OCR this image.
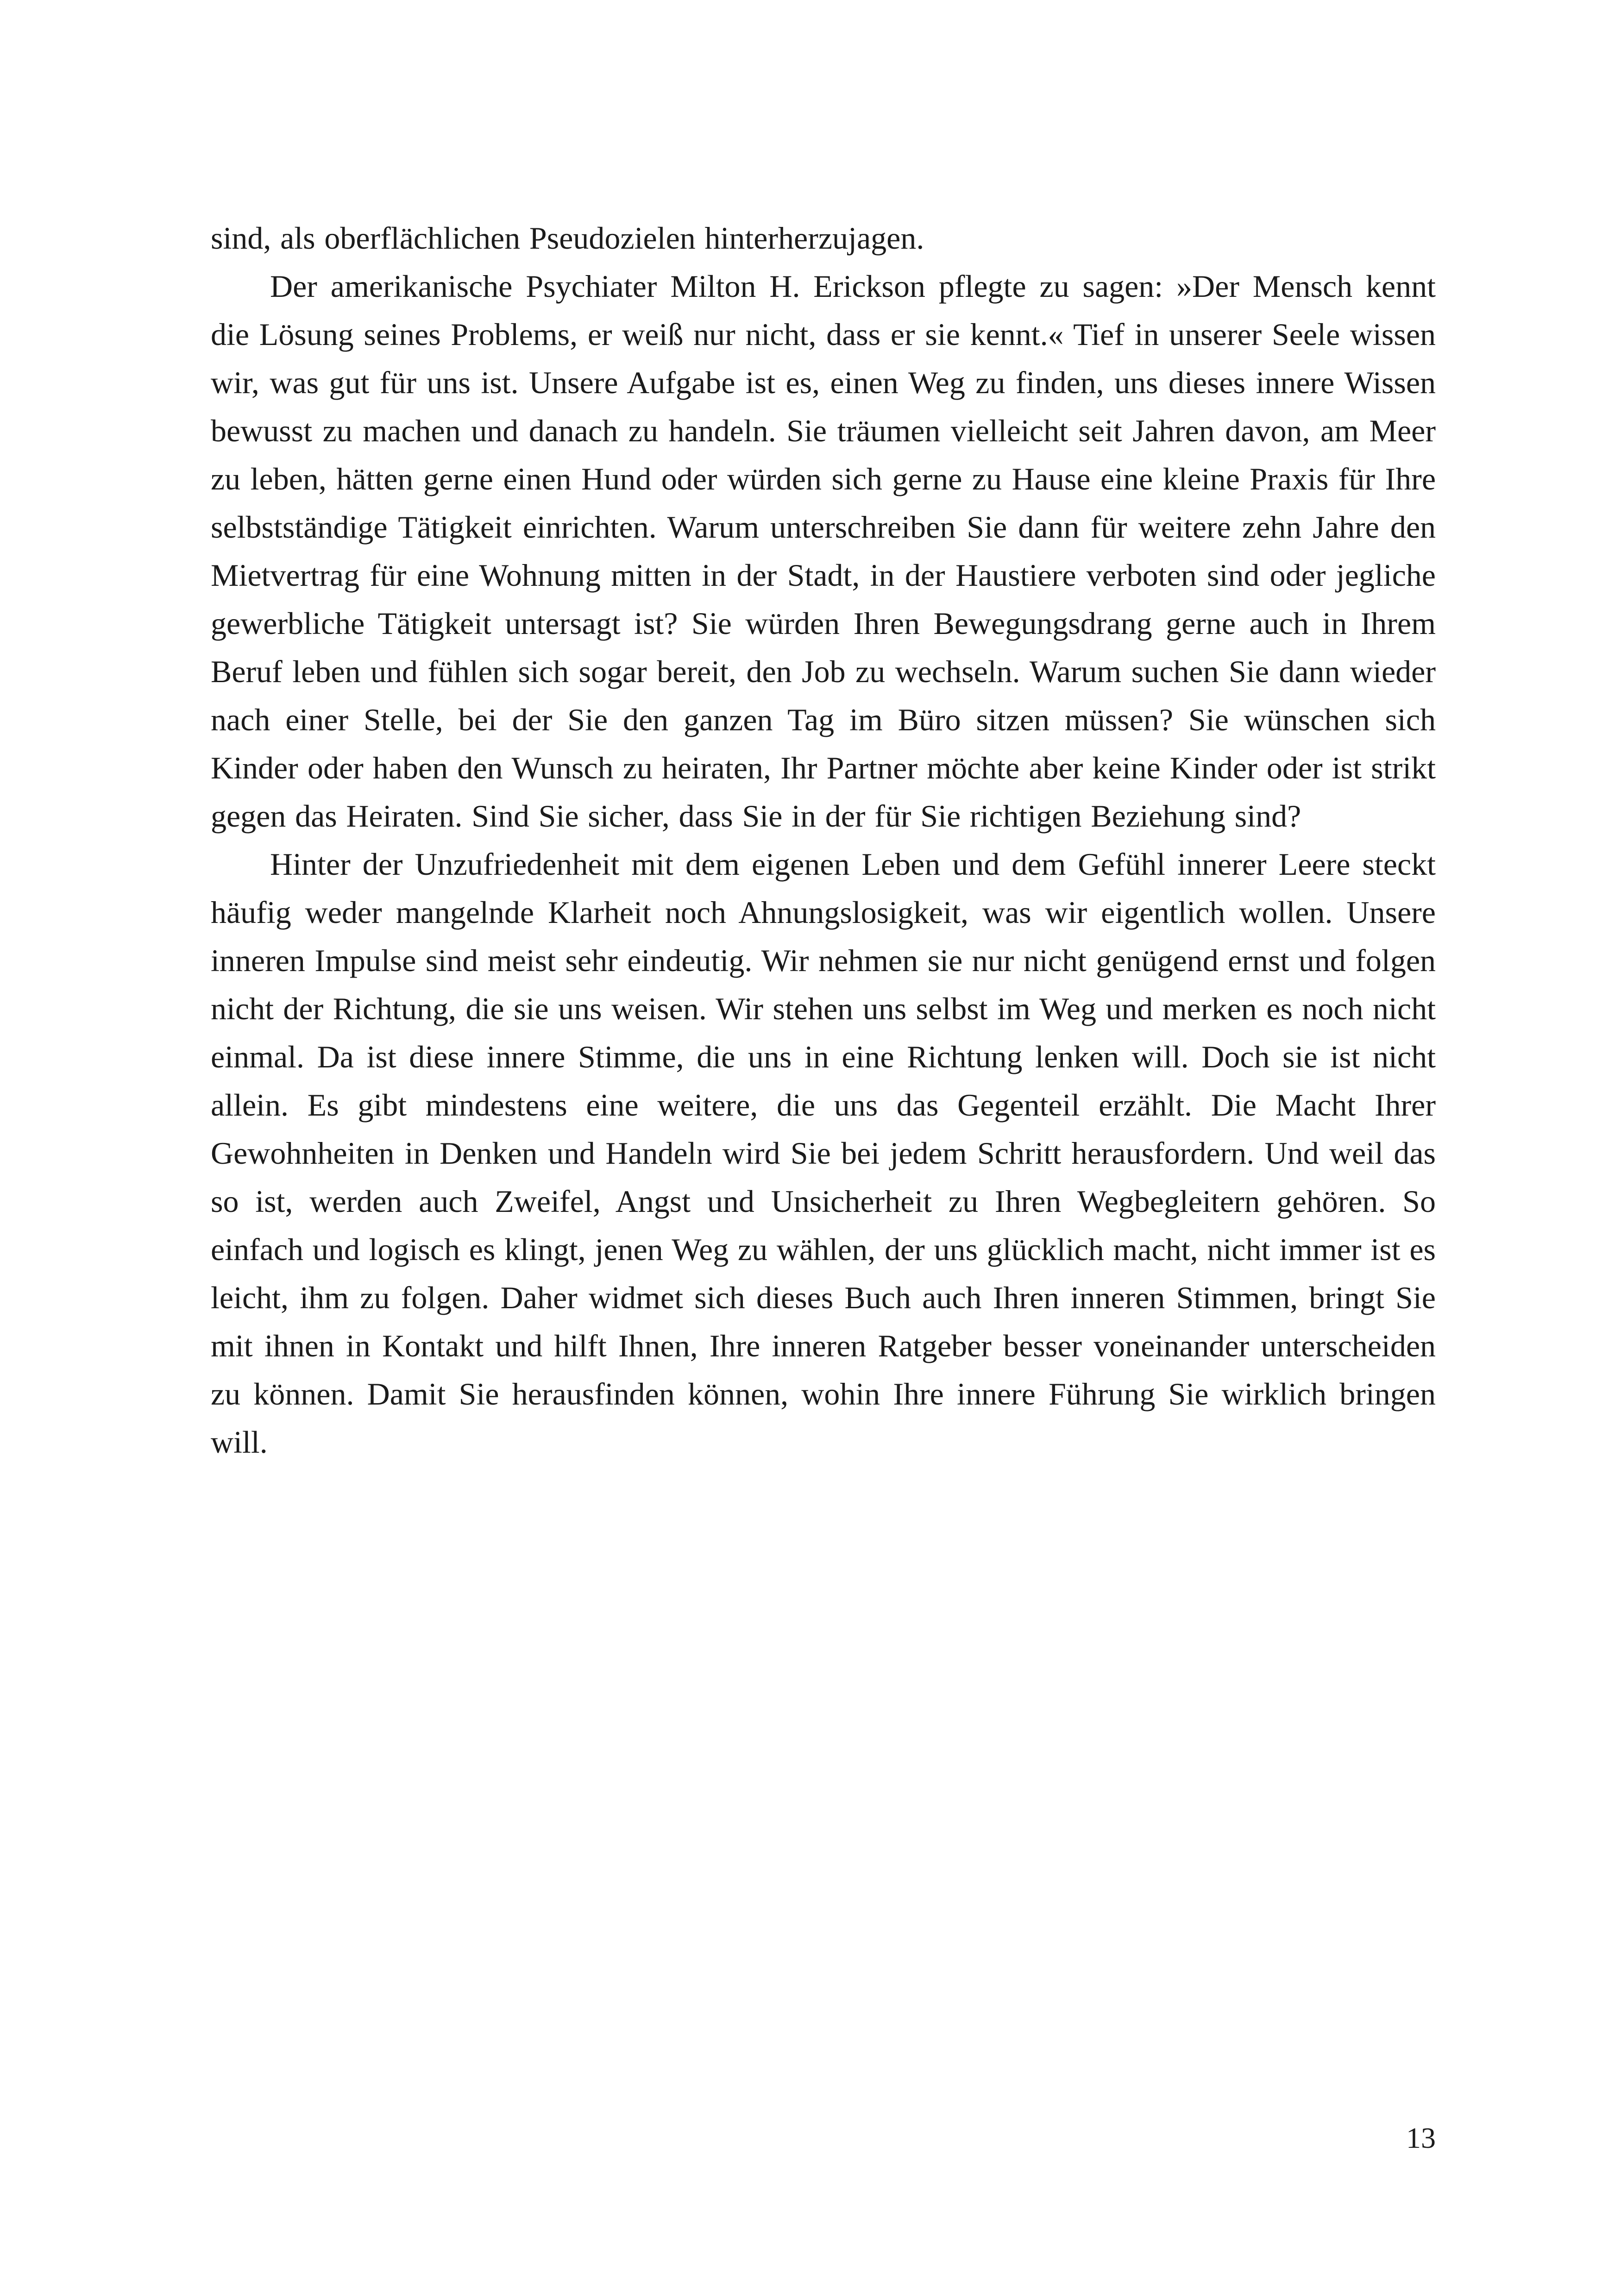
sind, als oberflächlichen Pseudozielen hinterherzujagen.

Der amerikanische Psychiater Milton H. Erickson pflegte zu sagen: »Der Mensch kennt die Lösung seines Problems, er weiß nur nicht, dass er sie kennt.« Tief in unserer Seele wissen wir, was gut für uns ist. Unsere Aufgabe ist es, einen Weg zu finden, uns dieses innere Wissen bewusst zu machen und danach zu handeln. Sie träumen vielleicht seit Jahren davon, am Meer zu leben, hätten gerne einen Hund oder würden sich gerne zu Hause eine kleine Praxis für Ihre selbstständige Tätigkeit einrichten. Warum unterschreiben Sie dann für weitere zehn Jahre den Mietvertrag für eine Wohnung mitten in der Stadt, in der Haustiere verboten sind oder jegliche gewerbliche Tätigkeit untersagt ist? Sie würden Ihren Bewegungsdrang gerne auch in Ihrem Beruf leben und fühlen sich sogar bereit, den Job zu wechseln. Warum suchen Sie dann wieder nach einer Stelle, bei der Sie den ganzen Tag im Büro sitzen müssen? Sie wünschen sich Kinder oder haben den Wunsch zu heiraten, Ihr Partner möchte aber keine Kinder oder ist strikt gegen das Heiraten. Sind Sie sicher, dass Sie in der für Sie richtigen Beziehung sind?

Hinter der Unzufriedenheit mit dem eigenen Leben und dem Gefühl innerer Leere steckt häufig weder mangelnde Klarheit noch Ahnungslosigkeit, was wir eigentlich wollen. Unsere inneren Impulse sind meist sehr eindeutig. Wir nehmen sie nur nicht genügend ernst und folgen nicht der Richtung, die sie uns weisen. Wir stehen uns selbst im Weg und merken es noch nicht einmal. Da ist diese innere Stimme, die uns in eine Richtung lenken will. Doch sie ist nicht allein. Es gibt mindestens eine weitere, die uns das Gegenteil erzählt. Die Macht Ihrer Gewohnheiten in Denken und Handeln wird Sie bei jedem Schritt herausfordern. Und weil das so ist, werden auch Zweifel, Angst und Unsicherheit zu Ihren Wegbegleitern gehören. So einfach und logisch es klingt, jenen Weg zu wählen, der uns glücklich macht, nicht immer ist es leicht, ihm zu folgen. Daher widmet sich dieses Buch auch Ihren inneren Stimmen, bringt Sie mit ihnen in Kontakt und hilft Ihnen, Ihre inneren Ratgeber besser voneinander unterscheiden zu können. Damit Sie herausfinden können, wohin Ihre innere Führung Sie wirklich bringen will.

13
